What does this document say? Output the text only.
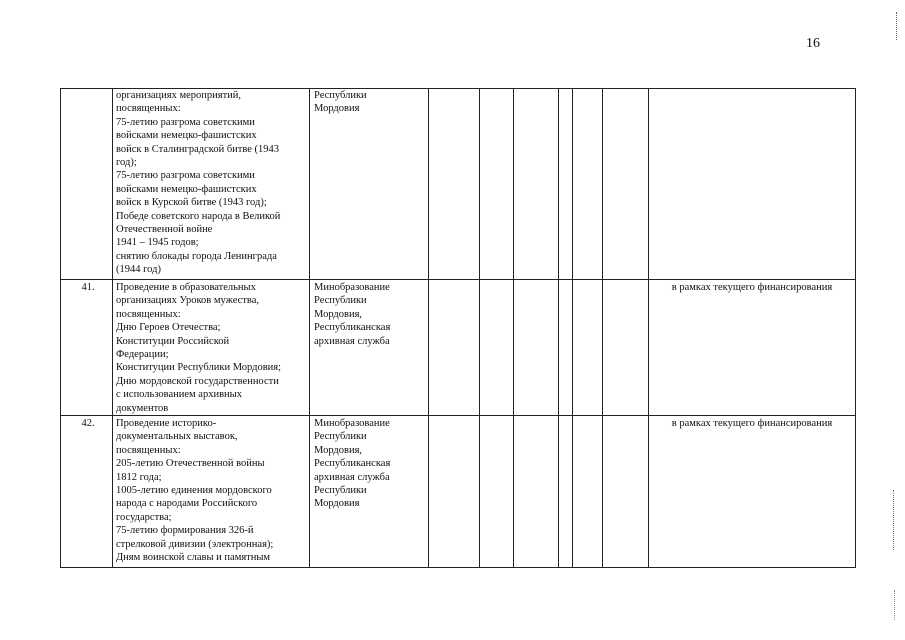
16
организациях мероприятий,
посвященных:
75-летию разгрома советскими
войсками немецко-фашистских
войск в Сталинградской битве (1943
год);
75-летию разгрома советскими
войсками немецко-фашистских
войск в Курской битве (1943 год);
Победе советского народа в Великой
Отечественной войне
1941 – 1945 годов;
снятию блокады города Ленинграда
(1944 год)
Республики
Мордовия
41.	Проведение в образовательных
организациях Уроков мужества,
посвященных:
Дню Героев Отечества;
Конституции Российской
Федерации;
Конституции Республики Мордовия;
Дню мордовской государственности
с использованием архивных
документов
Минобразование
Республики
Мордовия,
Республиканская
архивная служба
в рамках текущего финансирования
42.	Проведение историко-
документальных выставок,
посвященных:
205-летию Отечественной войны
1812 года;
1005-летию единения мордовского
народа с народами Российского
государства;
75-летию формирования 326-й
стрелковой дивизии (электронная);
Дням воинской славы и памятным
Минобразование
Республики
Мордовия,
Республиканская
архивная служба
Республики
Мордовия
в рамках текущего финансирования
